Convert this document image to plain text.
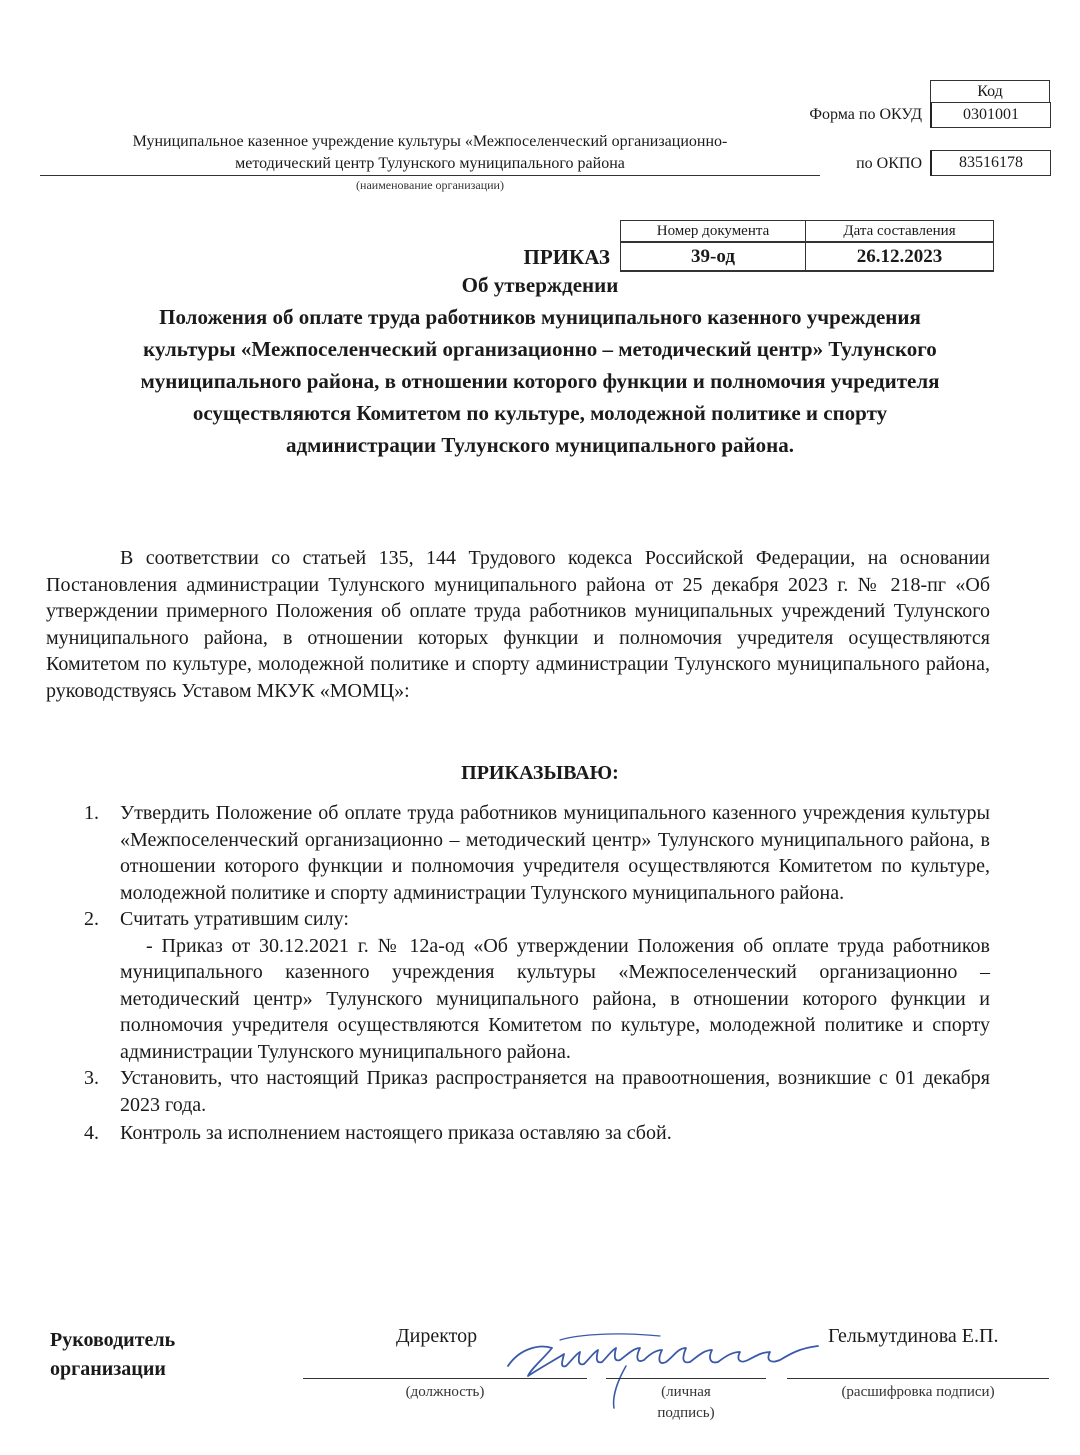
Код
Форма по ОКУД	0301001
Муниципальное казенное учреждение культуры «Межпоселенческий организационно-
методический центр Тулунского муниципального района
(наименование организации)
по ОКПО	83516178
ПРИКАЗ
Номер документа	Дата составления
39-од	26.12.2023
Об утверждении
Положения об оплате труда работников муниципального казенного учреждения
культуры «Межпоселенческий организационно – методический центр» Тулунского
муниципального района, в отношении которого функции и полномочия учредителя
осуществляются Комитетом по культуре, молодежной политике и спорту
администрации Тулунского муниципального района.
В соответствии со статьей 135, 144 Трудового кодекса Российской Федерации, на основании Постановления администрации Тулунского муниципального района от 25 декабря 2023 г. № 218-пг «Об утверждении примерного Положения об оплате труда работников муниципальных учреждений Тулунского муниципального района, в отношении которых функции и полномочия учредителя осуществляются Комитетом по культуре, молодежной политике и спорту администрации Тулунского муниципального района, руководствуясь Уставом МКУК «МОМЦ»:
ПРИКАЗЫВАЮ:
1. Утвердить Положение об оплате труда работников муниципального казенного учреждения культуры «Межпоселенческий организационно – методический центр» Тулунского муниципального района, в отношении которого функции и полномочия учредителя осуществляются Комитетом по культуре, молодежной политике и спорту администрации Тулунского муниципального района.
2. Считать утратившим силу:
- Приказ от 30.12.2021 г. № 12а-од «Об утверждении Положения об оплате труда работников муниципального казенного учреждения культуры «Межпоселенческий организационно – методический центр» Тулунского муниципального района, в отношении которого функции и полномочия учредителя осуществляются Комитетом по культуре, молодежной политике и спорту администрации Тулунского муниципального района.
3. Установить, что настоящий Приказ распространяется на правоотношения, возникшие с 01 декабря 2023 года.
4. Контроль за исполнением настоящего приказа оставляю за сбой.
Руководитель
организации
Директор	Гельмутдинова Е.П.
(должность)	(личная
подпись)
(расшифровка подписи)
